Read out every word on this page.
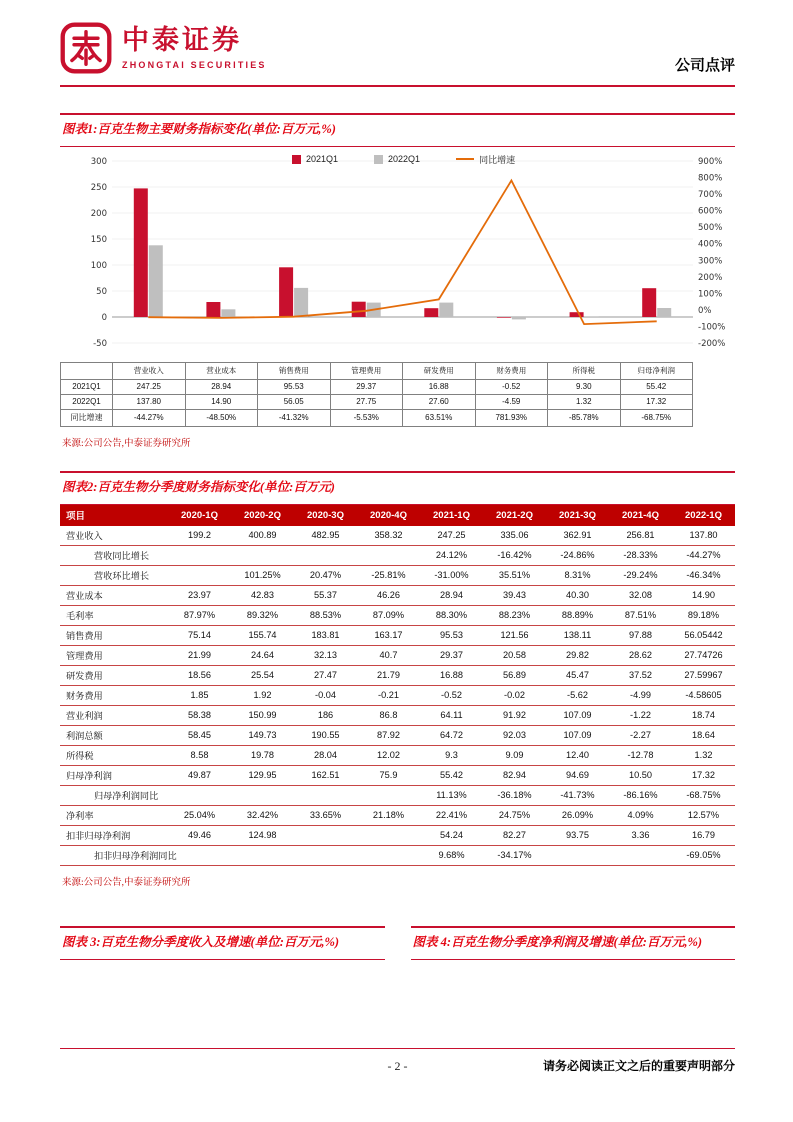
中泰证券
ZHONGTAI SECURITIES	公司点评
图表1:百克生物主要财务指标变化(单位:百万元,%)
2021Q1	2022Q1	同比增速
300
250
200
150
100
50
0
-50
900%
800%
700%
600%
500%
400%
300%
200%
100%
0%
-100%
-200%
	营业收入	营业成本	销售费用	管理费用	研发费用	财务费用	所得税	归母净利润
2021Q1	247.25	28.94	95.53	29.37	16.88	-0.52	9.30	55.42
2022Q1	137.80	14.90	56.05	27.75	27.60	-4.59	1.32	17.32
同比增速	-44.27%	-48.50%	-41.32%	-5.53%	63.51%	781.93%	-85.78%	-68.75%
来源:公司公告,中泰证券研究所
图表2:百克生物分季度财务指标变化(单位:百万元)
项目	2020-1Q	2020-2Q	2020-3Q	2020-4Q	2021-1Q	2021-2Q	2021-3Q	2021-4Q	2022-1Q
营业收入	199.2	400.89	482.95	358.32	247.25	335.06	362.91	256.81	137.80
营收同比增长					24.12%	-16.42%	-24.86%	-28.33%	-44.27%
营收环比增长		101.25%	20.47%	-25.81%	-31.00%	35.51%	8.31%	-29.24%	-46.34%
营业成本	23.97	42.83	55.37	46.26	28.94	39.43	40.30	32.08	14.90
毛利率	87.97%	89.32%	88.53%	87.09%	88.30%	88.23%	88.89%	87.51%	89.18%
销售费用	75.14	155.74	183.81	163.17	95.53	121.56	138.11	97.88	56.05442
管理费用	21.99	24.64	32.13	40.7	29.37	20.58	29.82	28.62	27.74726
研发费用	18.56	25.54	27.47	21.79	16.88	56.89	45.47	37.52	27.59967
财务费用	1.85	1.92	-0.04	-0.21	-0.52	-0.02	-5.62	-4.99	-4.58605
营业利润	58.38	150.99	186	86.8	64.11	91.92	107.09	-1.22	18.74
利润总额	58.45	149.73	190.55	87.92	64.72	92.03	107.09	-2.27	18.64
所得税	8.58	19.78	28.04	12.02	9.3	9.09	12.40	-12.78	1.32
归母净利润	49.87	129.95	162.51	75.9	55.42	82.94	94.69	10.50	17.32
归母净利润同比					11.13%	-36.18%	-41.73%	-86.16%	-68.75%
净利率	25.04%	32.42%	33.65%	21.18%	22.41%	24.75%	26.09%	4.09%	12.57%
扣非归母净利润	49.46	124.98			54.24	82.27	93.75	3.36	16.79
扣非归母净利润同比					9.68%	-34.17%			-69.05%
来源:公司公告,中泰证券研究所
图表 3:百克生物分季度收入及增速(单位:百万元,%)	图表 4:百克生物分季度净利润及增速(单位:百万元,%)
- 2 -	请务必阅读正文之后的重要声明部分
